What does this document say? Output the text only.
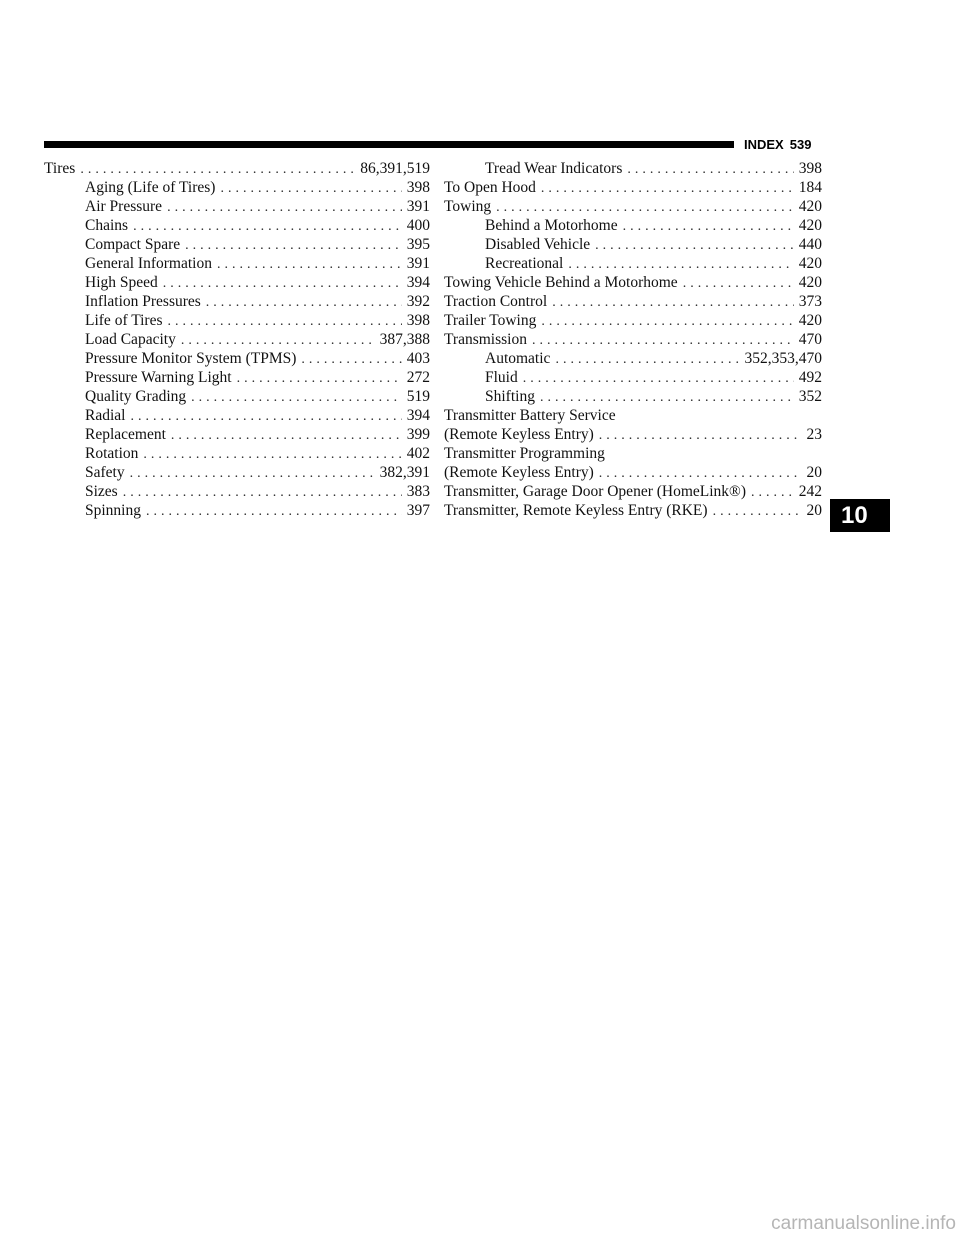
INDEX 539
Tires . . .	86,391,519
Aging (Life of Tires) . . .	398
Air Pressure . . .	391
Chains . . .	400
Compact Spare . . .	395
General Information . . .	391
High Speed . . .	394
Inflation Pressures . . .	392
Life of Tires . . .	398
Load Capacity . . .	387,388
Pressure Monitor System (TPMS) . . .	403
Pressure Warning Light . . .	272
Quality Grading . . .	519
Radial . . .	394
Replacement . . .	399
Rotation . . .	402
Safety . . .	382,391
Sizes . . .	383
Spinning . . .	397
Tread Wear Indicators . . .	398
To Open Hood . . .	184
Towing . . .	420
Behind a Motorhome . . .	420
Disabled Vehicle . . .	440
Recreational . . .	420
Towing Vehicle Behind a Motorhome . . .	420
Traction Control . . .	373
Trailer Towing . . .	420
Transmission . . .	470
Automatic . . .	352,353,470
Fluid . . .	492
Shifting . . .	352
Transmitter Battery Service
(Remote Keyless Entry) . . .	23
Transmitter Programming
(Remote Keyless Entry) . . .	20
Transmitter, Garage Door Opener (HomeLink®) . . .	242
Transmitter, Remote Keyless Entry (RKE) . . .	20 10
carmanualsonline.info
